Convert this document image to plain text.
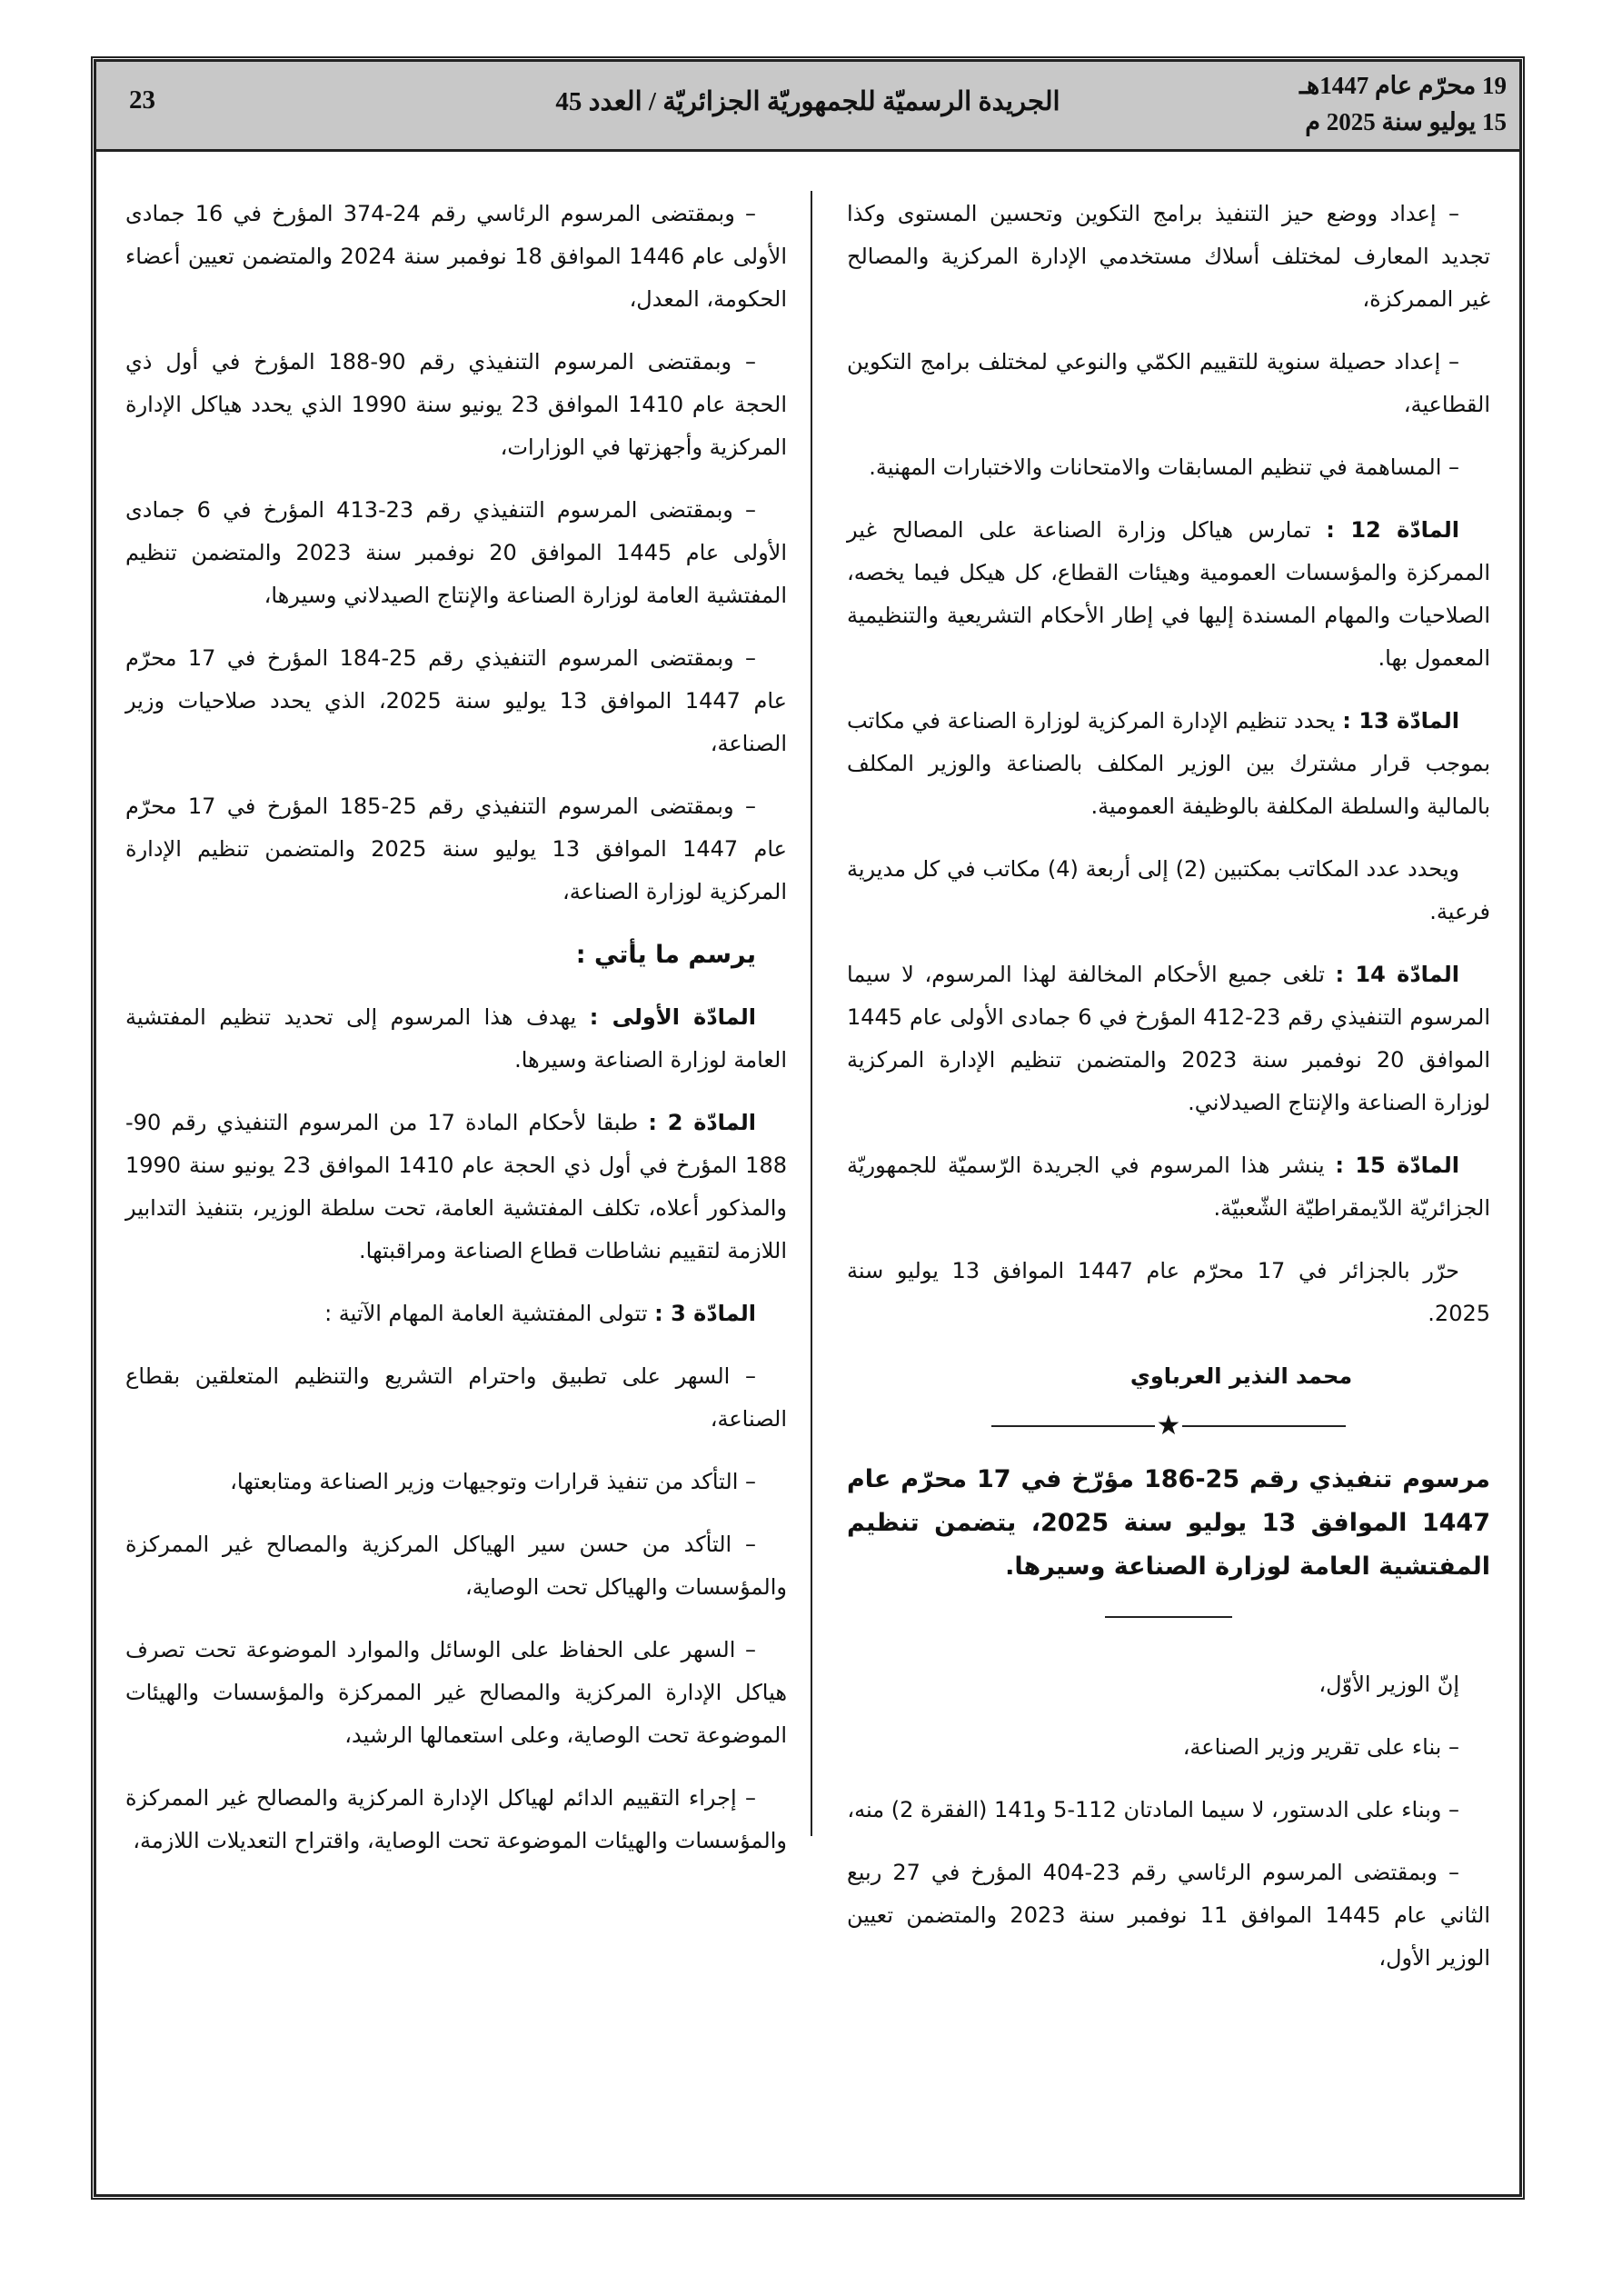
19 محرّم عام 1447هـ
15 يوليو سنة 2025 م
الجريدة الرسميّة للجمهوريّة الجزائريّة / العدد 45
23

– إعداد ووضع حيز التنفيذ برامج التكوين وتحسين المستوى وكذا تجديد المعارف لمختلف أسلاك مستخدمي الإدارة المركزية والمصالح غير الممركزة،

– إعداد حصيلة سنوية للتقييم الكمّي والنوعي لمختلف برامج التكوين القطاعية،

– المساهمة في تنظيم المسابقات والامتحانات والاختبارات المهنية.

المادّة 12 : تمارس هياكل وزارة الصناعة على المصالح غير الممركزة والمؤسسات العمومية وهيئات القطاع، كل هيكل فيما يخصه، الصلاحيات والمهام المسندة إليها في إطار الأحكام التشريعية والتنظيمية المعمول بها.

المادّة 13 : يحدد تنظيم الإدارة المركزية لوزارة الصناعة في مكاتب بموجب قرار مشترك بين الوزير المكلف بالصناعة والوزير المكلف بالمالية والسلطة المكلفة بالوظيفة العمومية.

ويحدد عدد المكاتب بمكتبين (2) إلى أربعة (4) مكاتب في كل مديرية فرعية.

المادّة 14 : تلغى جميع الأحكام المخالفة لهذا المرسوم، لا سيما المرسوم التنفيذي رقم 23-412 المؤرخ في 6 جمادى الأولى عام 1445 الموافق 20 نوفمبر سنة 2023 والمتضمن تنظيم الإدارة المركزية لوزارة الصناعة والإنتاج الصيدلاني.

المادّة 15 : ينشر هذا المرسوم في الجريدة الرّسميّة للجمهوريّة الجزائريّة الدّيمقراطيّة الشّعبيّة.

حرّر بالجزائر في 17 محرّم عام 1447 الموافق 13 يوليو سنة 2025.

محمد النذير العرباوي
★
مرسوم تنفيذي رقم 25-186 مؤرّخ في 17 محرّم عام 1447 الموافق 13 يوليو سنة 2025، يتضمن تنظيم المفتشية العامة لوزارة الصناعة وسيرها.

إنّ الوزير الأوّل،

– بناء على تقرير وزير الصناعة،

– وبناء على الدستور، لا سيما المادتان 112-5 و141 (الفقرة 2) منه،

– وبمقتضى المرسوم الرئاسي رقم 23-404 المؤرخ في 27 ربيع الثاني عام 1445 الموافق 11 نوفمبر سنة 2023 والمتضمن تعيين الوزير الأول،

– وبمقتضى المرسوم الرئاسي رقم 24-374 المؤرخ في 16 جمادى الأولى عام 1446 الموافق 18 نوفمبر سنة 2024 والمتضمن تعيين أعضاء الحكومة، المعدل،

– وبمقتضى المرسوم التنفيذي رقم 90-188 المؤرخ في أول ذي الحجة عام 1410 الموافق 23 يونيو سنة 1990 الذي يحدد هياكل الإدارة المركزية وأجهزتها في الوزارات،

– وبمقتضى المرسوم التنفيذي رقم 23-413 المؤرخ في 6 جمادى الأولى عام 1445 الموافق 20 نوفمبر سنة 2023 والمتضمن تنظيم المفتشية العامة لوزارة الصناعة والإنتاج الصيدلاني وسيرها،

– وبمقتضى المرسوم التنفيذي رقم 25-184 المؤرخ في 17 محرّم عام 1447 الموافق 13 يوليو سنة 2025، الذي يحدد صلاحيات وزير الصناعة،

– وبمقتضى المرسوم التنفيذي رقم 25-185 المؤرخ في 17 محرّم عام 1447 الموافق 13 يوليو سنة 2025 والمتضمن تنظيم الإدارة المركزية لوزارة الصناعة،

يرسم ما يأتي :

المادّة الأولى : يهدف هذا المرسوم إلى تحديد تنظيم المفتشية العامة لوزارة الصناعة وسيرها.

المادّة 2 : طبقا لأحكام المادة 17 من المرسوم التنفيذي رقم 90-188 المؤرخ في أول ذي الحجة عام 1410 الموافق 23 يونيو سنة 1990 والمذكور أعلاه، تكلف المفتشية العامة، تحت سلطة الوزير، بتنفيذ التدابير اللازمة لتقييم نشاطات قطاع الصناعة ومراقبتها.

المادّة 3 : تتولى المفتشية العامة المهام الآتية :

– السهر على تطبيق واحترام التشريع والتنظيم المتعلقين بقطاع الصناعة،

– التأكد من تنفيذ قرارات وتوجيهات وزير الصناعة ومتابعتها،

– التأكد من حسن سير الهياكل المركزية والمصالح غير الممركزة والمؤسسات والهياكل تحت الوصاية،

– السهر على الحفاظ على الوسائل والموارد الموضوعة تحت تصرف هياكل الإدارة المركزية والمصالح غير الممركزة والمؤسسات والهيئات الموضوعة تحت الوصاية، وعلى استعمالها الرشيد،

– إجراء التقييم الدائم لهياكل الإدارة المركزية والمصالح غير الممركزة والمؤسسات والهيئات الموضوعة تحت الوصاية، واقتراح التعديلات اللازمة،
